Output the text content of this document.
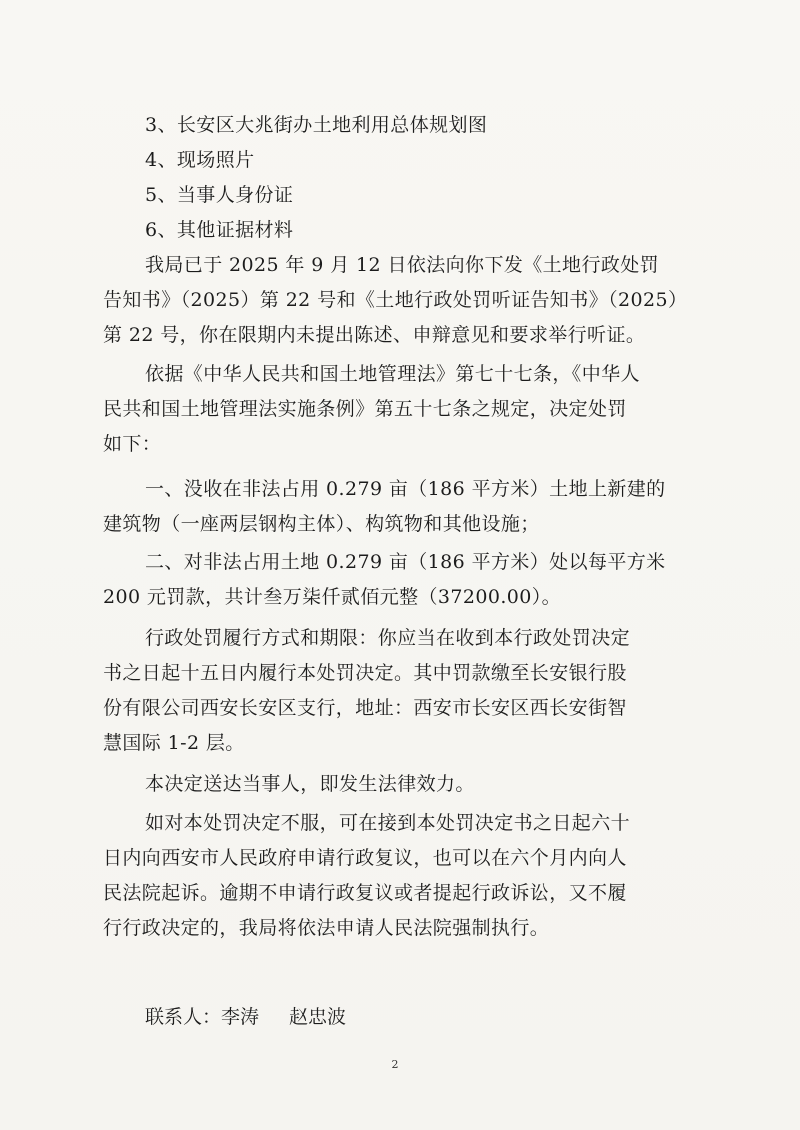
3、长安区大兆街办土地利用总体规划图
4、现场照片
5、当事人身份证
6、其他证据材料
我局已于 2025 年 9 月 12 日依法向你下发《土地行政处罚
告知书》（2025）第 22 号和《土地行政处罚听证告知书》（2025）
第 22 号，你在限期内未提出陈述、申辩意见和要求举行听证。
依据《中华人民共和国土地管理法》第七十七条，《中华人
民共和国土地管理法实施条例》第五十七条之规定，决定处罚
如下：
一、没收在非法占用 0.279 亩（186 平方米）土地上新建的
建筑物（一座两层钢构主体）、构筑物和其他设施；
二、对非法占用土地 0.279 亩（186 平方米）处以每平方米
200 元罚款，共计叁万柒仟贰佰元整（37200.00）。
行政处罚履行方式和期限：你应当在收到本行政处罚决定
书之日起十五日内履行本处罚决定。其中罚款缴至长安银行股
份有限公司西安长安区支行，地址：西安市长安区西长安街智
慧国际 1-2 层。
本决定送达当事人，即发生法律效力。
如对本处罚决定不服，可在接到本处罚决定书之日起六十
日内向西安市人民政府申请行政复议，也可以在六个月内向人
民法院起诉。逾期不申请行政复议或者提起行政诉讼，又不履
行行政决定的，我局将依法申请人民法院强制执行。
联系人：李涛 赵忠波
2
